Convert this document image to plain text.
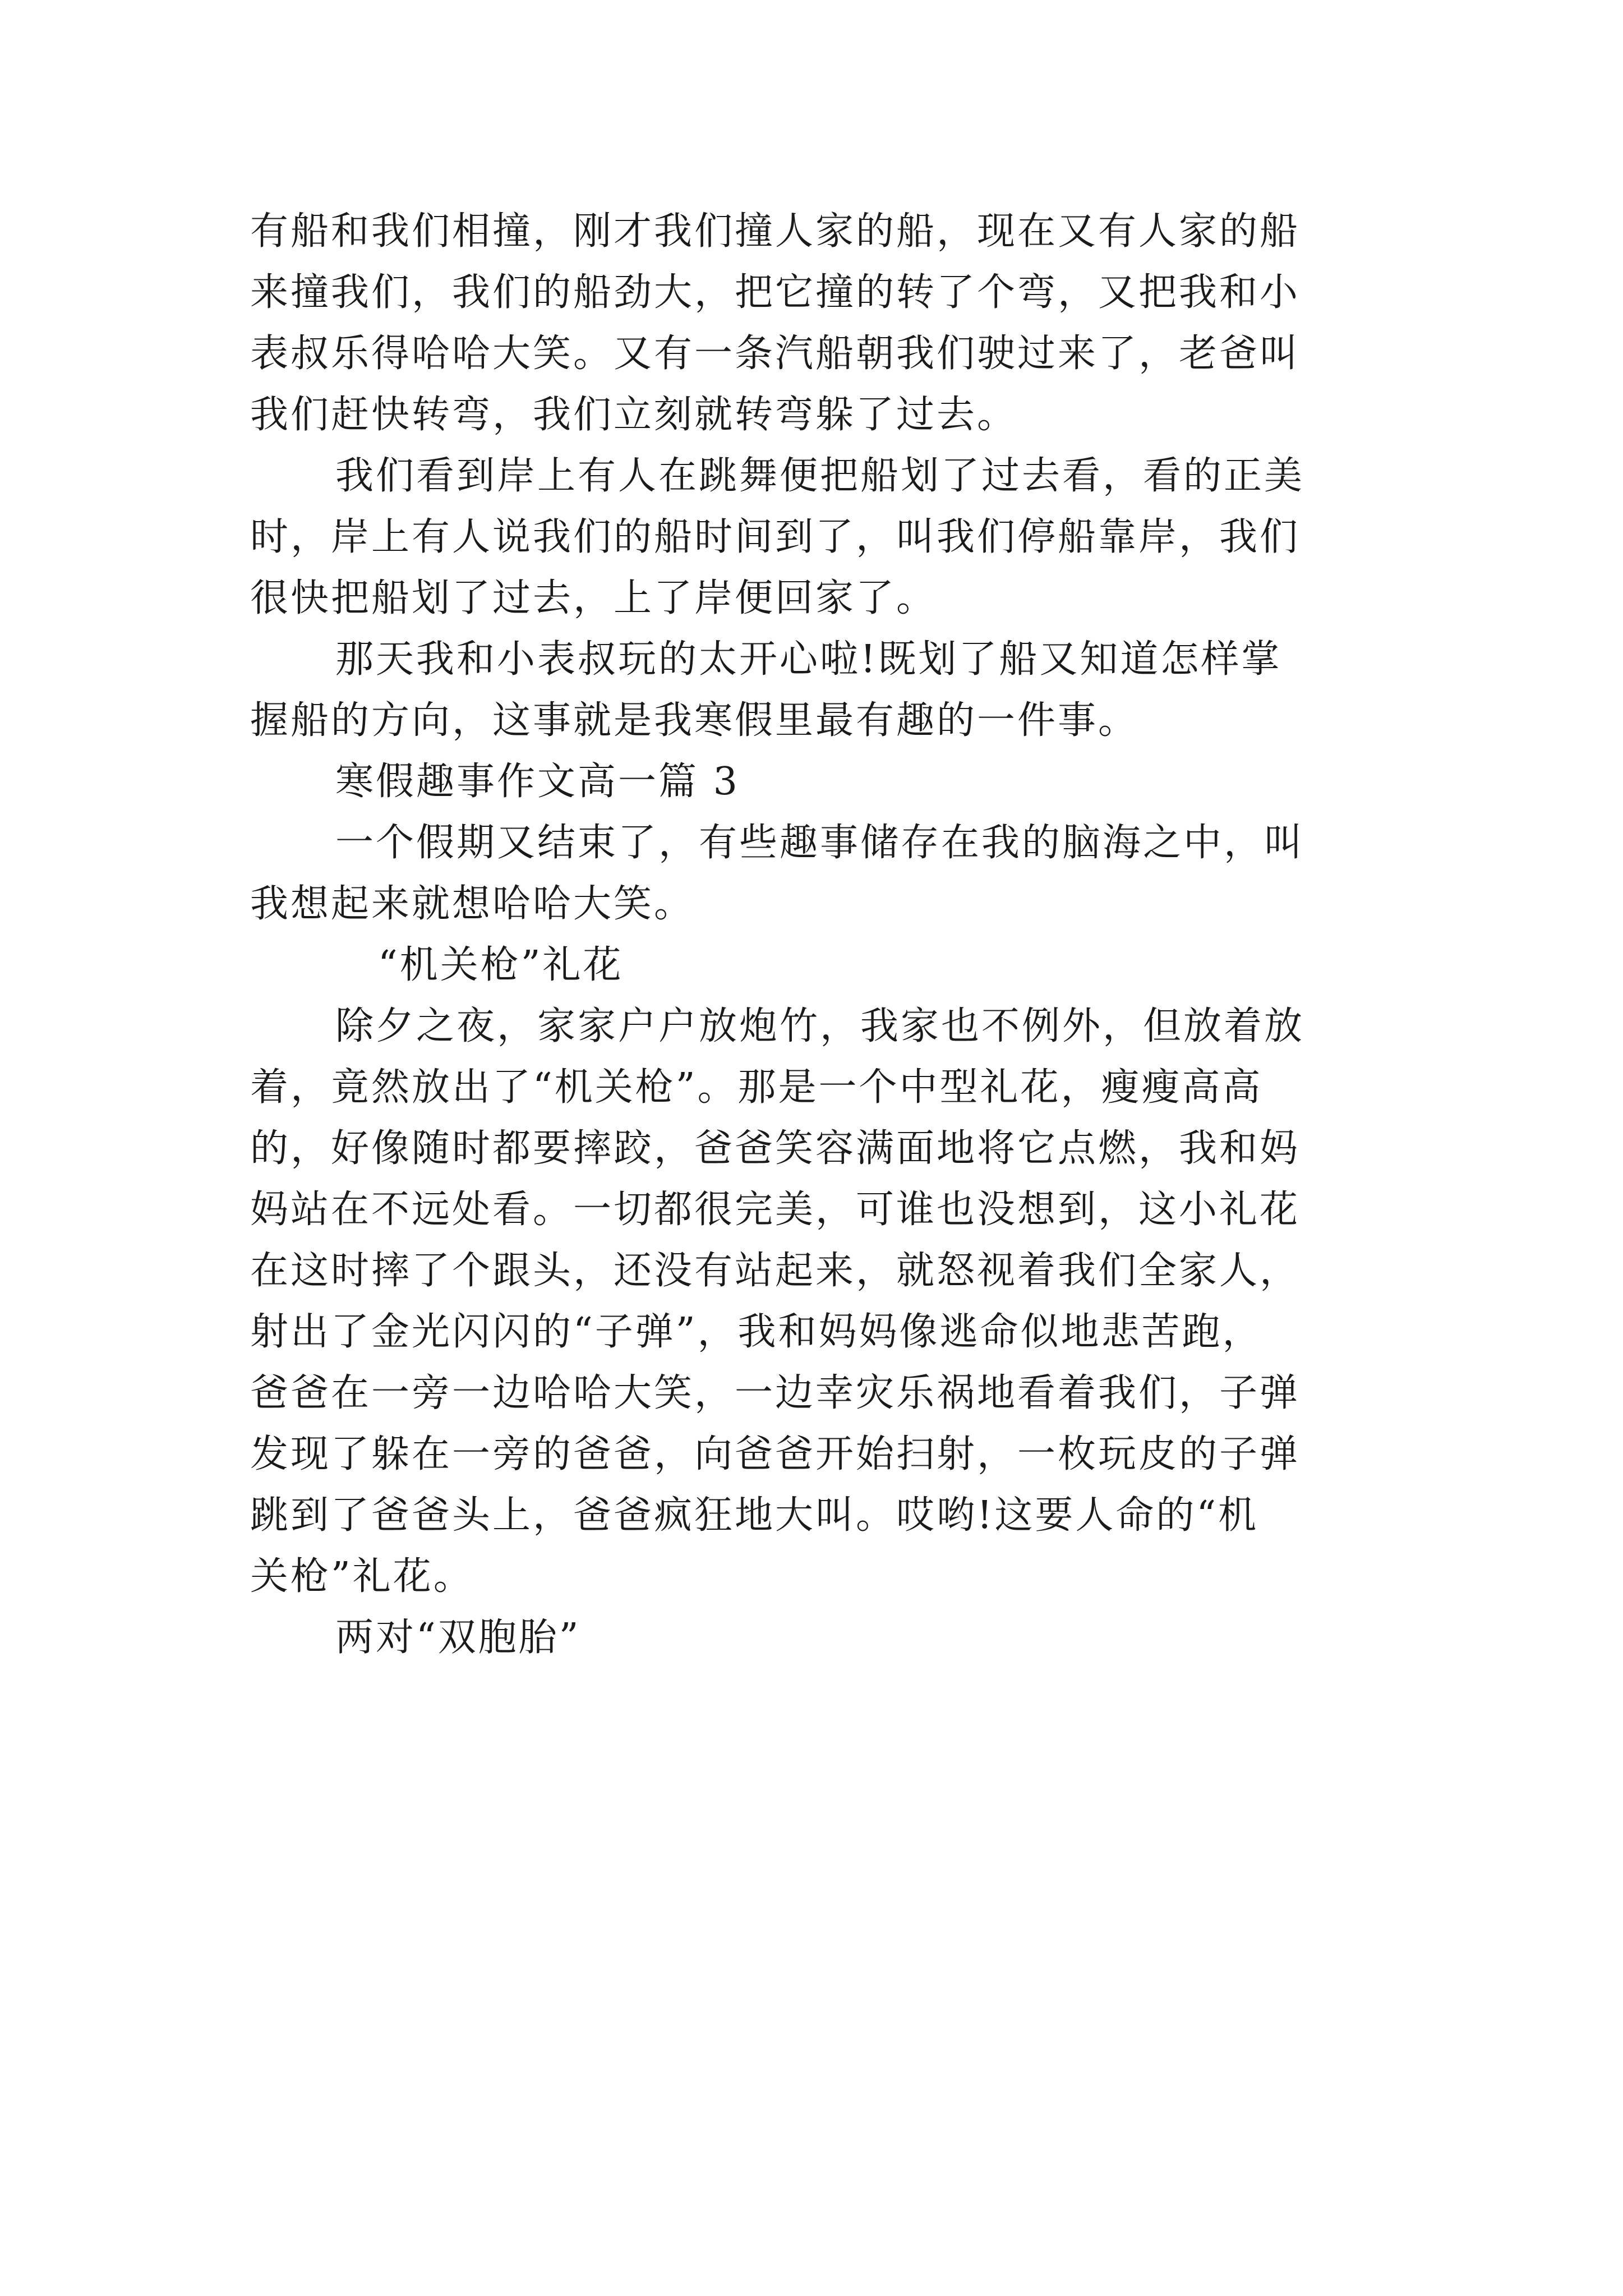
有船和我们相撞，刚才我们撞人家的船，现在又有人家的船

来撞我们，我们的船劲大，把它撞的转了个弯，又把我和小

表叔乐得哈哈大笑。又有一条汽船朝我们驶过来了，老爸叫

我们赶快转弯，我们立刻就转弯躲了过去。

我们看到岸上有人在跳舞便把船划了过去看，看的正美

时，岸上有人说我们的船时间到了，叫我们停船靠岸，我们

很快把船划了过去，上了岸便回家了。

那天我和小表叔玩的太开心啦!既划了船又知道怎样掌

握船的方向，这事就是我寒假里最有趣的一件事。

寒假趣事作文高一篇 3

一个假期又结束了，有些趣事储存在我的脑海之中，叫

我想起来就想哈哈大笑。

“机关枪”礼花

除夕之夜，家家户户放炮竹，我家也不例外，但放着放

着，竟然放出了“机关枪”。那是一个中型礼花，瘦瘦高高

的，好像随时都要摔跤，爸爸笑容满面地将它点燃，我和妈

妈站在不远处看。一切都很完美，可谁也没想到，这小礼花

在这时摔了个跟头，还没有站起来，就怒视着我们全家人，

射出了金光闪闪的“子弹”，我和妈妈像逃命似地悲苦跑，

爸爸在一旁一边哈哈大笑，一边幸灾乐祸地看着我们，子弹

发现了躲在一旁的爸爸，向爸爸开始扫射，一枚玩皮的子弹

跳到了爸爸头上，爸爸疯狂地大叫。哎哟!这要人命的“机

关枪”礼花。

两对“双胞胎”
